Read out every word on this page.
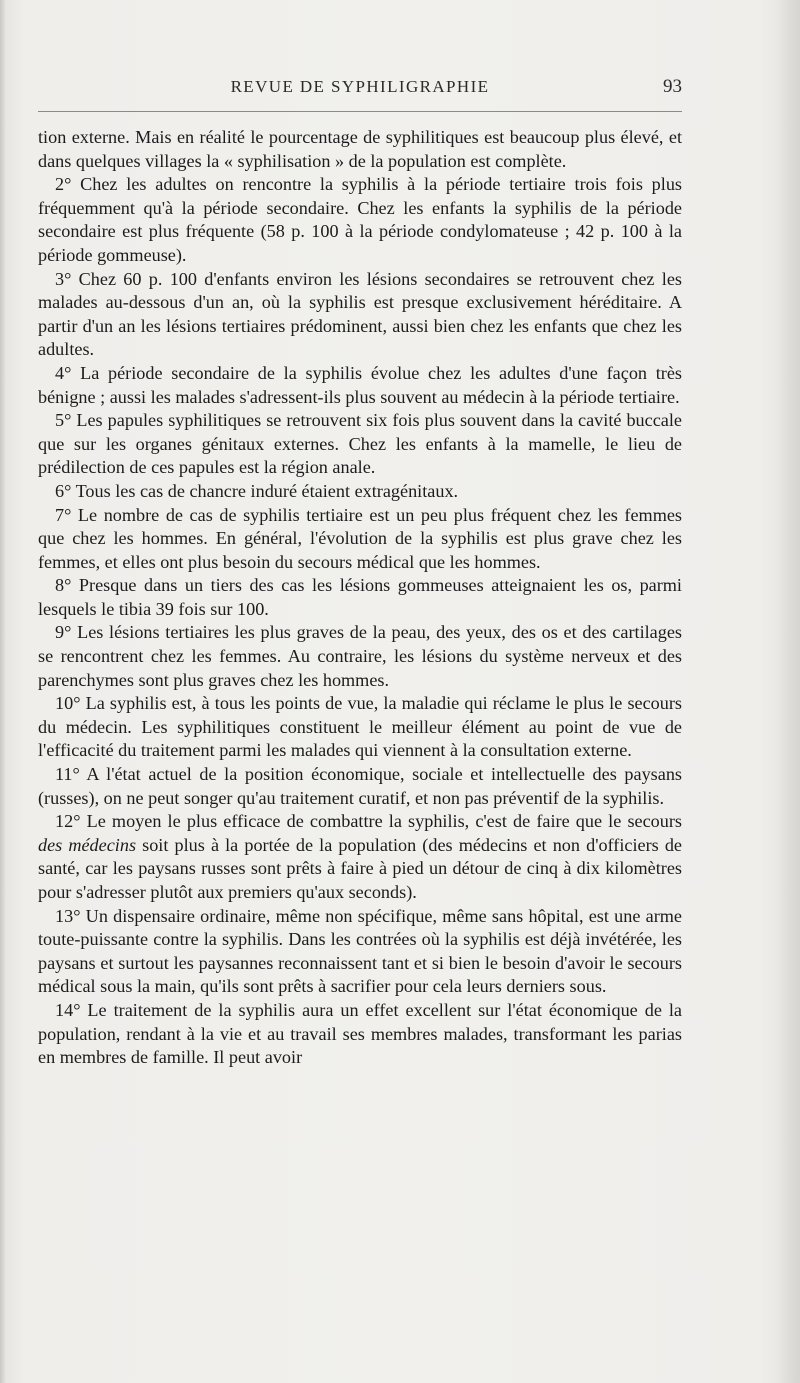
REVUE DE SYPHILIGRAPHIE	93

tion externe. Mais en réalité le pourcentage de syphilitiques est beaucoup plus élevé, et dans quelques villages la « syphilisation » de la population est complète.

2° Chez les adultes on rencontre la syphilis à la période tertiaire trois fois plus fréquemment qu'à la période secondaire. Chez les enfants la syphilis de la période secondaire est plus fréquente (58 p. 100 à la période condylomateuse ; 42 p. 100 à la période gommeuse).

3° Chez 60 p. 100 d'enfants environ les lésions secondaires se retrouvent chez les malades au-dessous d'un an, où la syphilis est presque exclusivement héréditaire. A partir d'un an les lésions tertiaires prédominent, aussi bien chez les enfants que chez les adultes.

4° La période secondaire de la syphilis évolue chez les adultes d'une façon très bénigne ; aussi les malades s'adressent-ils plus souvent au médecin à la période tertiaire.

5° Les papules syphilitiques se retrouvent six fois plus souvent dans la cavité buccale que sur les organes génitaux externes. Chez les enfants à la mamelle, le lieu de prédilection de ces papules est la région anale.

6° Tous les cas de chancre induré étaient extragénitaux.

7° Le nombre de cas de syphilis tertiaire est un peu plus fréquent chez les femmes que chez les hommes. En général, l'évolution de la syphilis est plus grave chez les femmes, et elles ont plus besoin du secours médical que les hommes.

8° Presque dans un tiers des cas les lésions gommeuses atteignaient les os, parmi lesquels le tibia 39 fois sur 100.

9° Les lésions tertiaires les plus graves de la peau, des yeux, des os et des cartilages se rencontrent chez les femmes. Au contraire, les lésions du système nerveux et des parenchymes sont plus graves chez les hommes.

10° La syphilis est, à tous les points de vue, la maladie qui réclame le plus le secours du médecin. Les syphilitiques constituent le meilleur élément au point de vue de l'efficacité du traitement parmi les malades qui viennent à la consultation externe.

11° A l'état actuel de la position économique, sociale et intellectuelle des paysans (russes), on ne peut songer qu'au traitement curatif, et non pas préventif de la syphilis.

12° Le moyen le plus efficace de combattre la syphilis, c'est de faire que le secours des médecins soit plus à la portée de la population (des médecins et non d'officiers de santé, car les paysans russes sont prêts à faire à pied un détour de cinq à dix kilomètres pour s'adresser plutôt aux premiers qu'aux seconds).

13° Un dispensaire ordinaire, même non spécifique, même sans hôpital, est une arme toute-puissante contre la syphilis. Dans les contrées où la syphilis est déjà invétérée, les paysans et surtout les paysannes reconnaissent tant et si bien le besoin d'avoir le secours médical sous la main, qu'ils sont prêts à sacrifier pour cela leurs derniers sous.

14° Le traitement de la syphilis aura un effet excellent sur l'état économique de la population, rendant à la vie et au travail ses membres malades, transformant les parias en membres de famille. Il peut avoir
